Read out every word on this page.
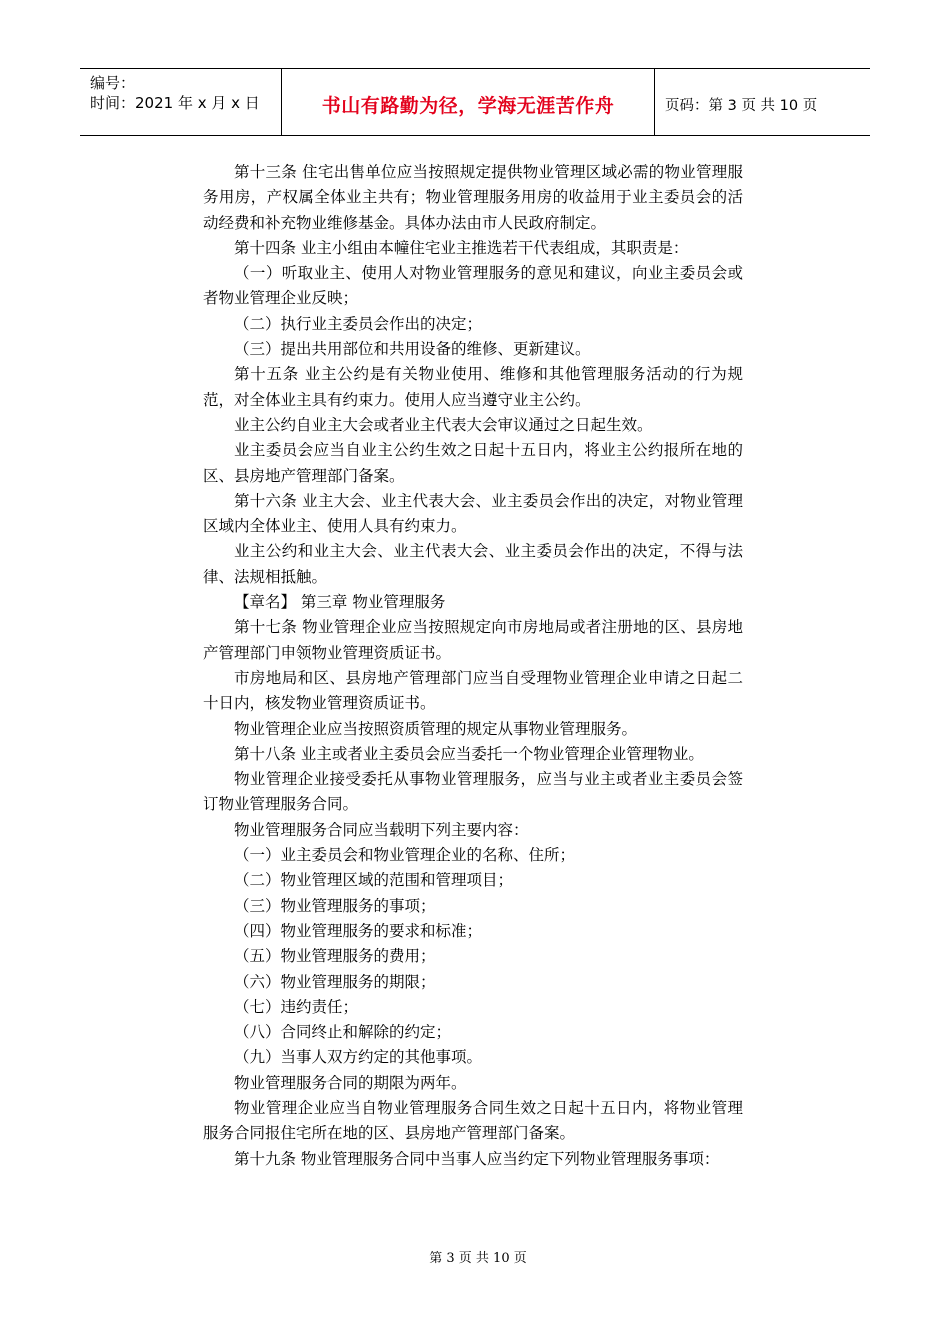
编号：
时间：2021 年 x 月 x 日	书山有路勤为径，学海无涯苦作舟	页码：第 3 页 共 10 页

第十三条 住宅出售单位应当按照规定提供物业管理区域必需的物业管理服务用房，产权属全体业主共有；物业管理服务用房的收益用于业主委员会的活动经费和补充物业维修基金。具体办法由市人民政府制定。

第十四条 业主小组由本幢住宅业主推选若干代表组成，其职责是：

（一）听取业主、使用人对物业管理服务的意见和建议，向业主委员会或者物业管理企业反映；

（二）执行业主委员会作出的决定；

（三）提出共用部位和共用设备的维修、更新建议。

第十五条 业主公约是有关物业使用、维修和其他管理服务活动的行为规范，对全体业主具有约束力。使用人应当遵守业主公约。

业主公约自业主大会或者业主代表大会审议通过之日起生效。

业主委员会应当自业主公约生效之日起十五日内，将业主公约报所在地的区、县房地产管理部门备案。

第十六条 业主大会、业主代表大会、业主委员会作出的决定，对物业管理区域内全体业主、使用人具有约束力。

业主公约和业主大会、业主代表大会、业主委员会作出的决定，不得与法律、法规相抵触。

【章名】 第三章 物业管理服务

第十七条 物业管理企业应当按照规定向市房地局或者注册地的区、县房地产管理部门申领物业管理资质证书。

市房地局和区、县房地产管理部门应当自受理物业管理企业申请之日起二十日内，核发物业管理资质证书。

物业管理企业应当按照资质管理的规定从事物业管理服务。

第十八条 业主或者业主委员会应当委托一个物业管理企业管理物业。

物业管理企业接受委托从事物业管理服务，应当与业主或者业主委员会签订物业管理服务合同。

物业管理服务合同应当载明下列主要内容：

（一）业主委员会和物业管理企业的名称、住所；

（二）物业管理区域的范围和管理项目；

（三）物业管理服务的事项；

（四）物业管理服务的要求和标准；

（五）物业管理服务的费用；

（六）物业管理服务的期限；

（七）违约责任；

（八）合同终止和解除的约定；

（九）当事人双方约定的其他事项。

物业管理服务合同的期限为两年。

物业管理企业应当自物业管理服务合同生效之日起十五日内，将物业管理服务合同报住宅所在地的区、县房地产管理部门备案。

第十九条 物业管理服务合同中当事人应当约定下列物业管理服务事项：

第 3 页 共 10 页
